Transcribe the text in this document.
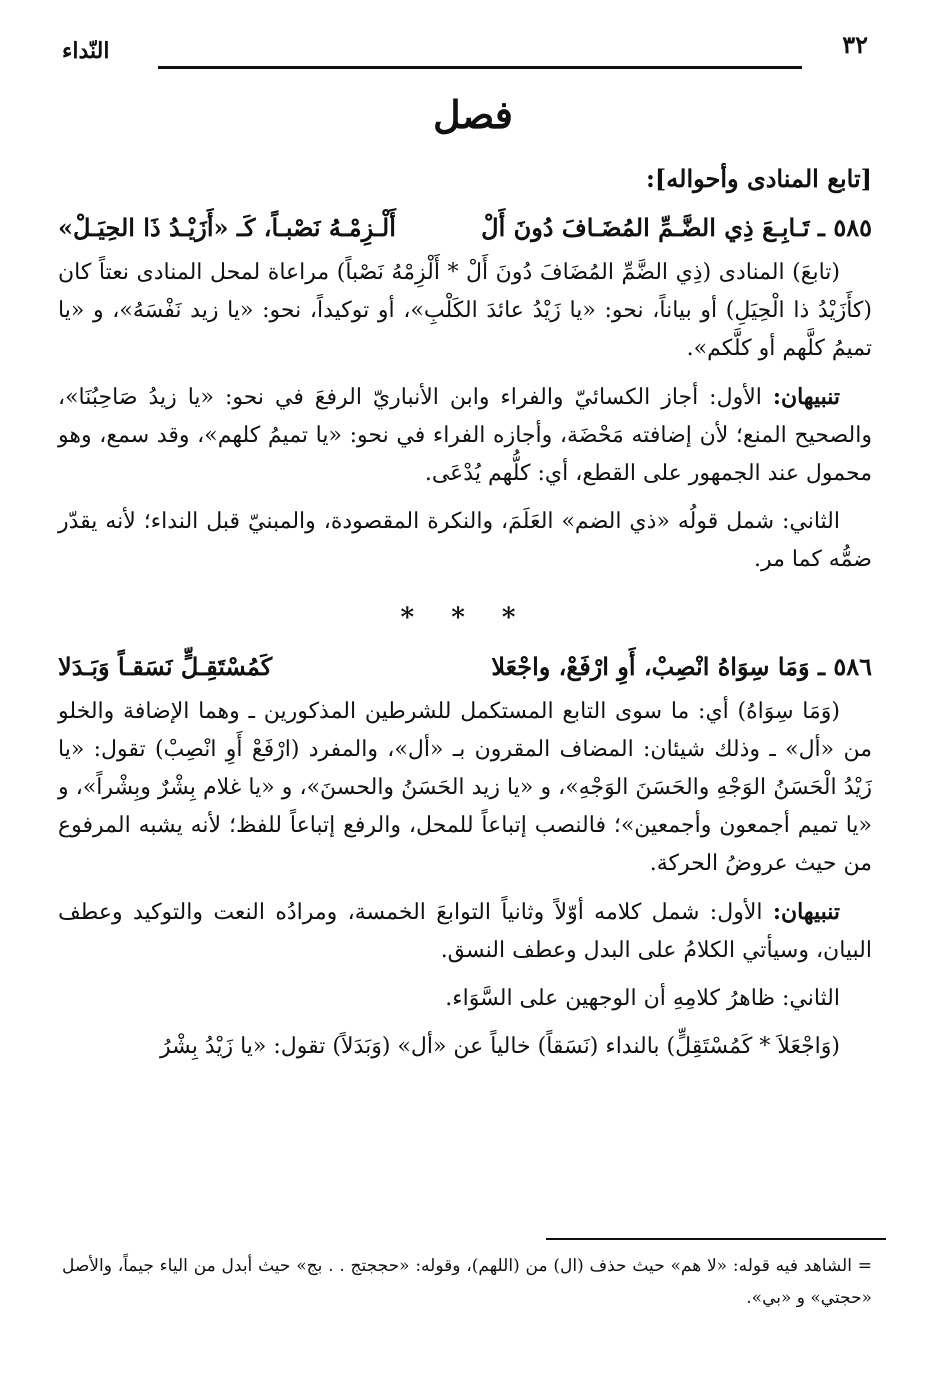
٣٢
النّداء
فصل
[تابع المنادى وأحواله]:
٥٨٥ ـ تَـابِـعَ ذِي الضَّـمِّ المُضَـافَ دُونَ أَلْ
أَلْـزِمْـهُ نَصْبـاً، كَـ «أَزَيْـدُ ذَا الحِيَـلْ»

(تابعَ) المنادى (ذِي الضَّمِّ المُضَافَ دُونَ أَلْ * أَلْزِمْهُ نَصْباً) مراعاة لمحل المنادى نعتاً كان (كأَزَيْدُ ذا الْحِيَلِ) أو بياناً، نحو: «يا زَيْدُ عائدَ الكَلْبِ»، أو توكيداً، نحو: «يا زيد نَفْسَهُ»، و «يا تميمُ كلَّهم أو كلَّكم».

تنبيهان: الأول: أجاز الكسائيّ والفراء وابن الأنباريّ الرفعَ في نحو: «يا زيدُ صَاحِبُنَا»، والصحيح المنع؛ لأن إضافته مَحْضَة، وأجازه الفراء في نحو: «يا تميمُ كلهم»، وقد سمع، وهو محمول عند الجمهور على القطع، أي: كلُّهم يُدْعَى.

الثاني: شمل قولُه «ذي الضم» العَلَمَ، والنكرة المقصودة، والمبنيّ قبل النداء؛ لأنه يقدّر ضمُّه كما مر.

* * *
٥٨٦ ـ وَمَا سِوَاهُ انْصِبْ، أَوِ ارْفَعْ، واجْعَلا
كَمُسْتَقِـلٍّ نَسَقـاً وَبَـدَلا

(وَمَا سِوَاهُ) أي: ما سوى التابع المستكمل للشرطين المذكورين ـ وهما الإضافة والخلو من «أل» ـ وذلك شيئان: المضاف المقرون بـ «أل»، والمفرد (ارْفَعْ أَوِ انْصِبْ) تقول: «يا زَيْدُ الْحَسَنُ الوَجْهِ والحَسَنَ الوَجْهِ»، و «يا زيد الحَسَنُ والحسنَ»، و «يا غلام بِشْرٌ وبِشْراً»، و «يا تميم أجمعون وأجمعين»؛ فالنصب إتباعاً للمحل، والرفع إتباعاً للفظ؛ لأنه يشبه المرفوع من حيث عروضُ الحركة.

تنبيهان: الأول: شمل كلامه أوّلاً وثانياً التوابعَ الخمسة، ومرادُه النعت والتوكيد وعطف البيان، وسيأتي الكلامُ على البدل وعطف النسق.

الثاني: ظاهرُ كلامِهِ أن الوجهين على السَّوَاء.

(وَاجْعَلاَ * كَمُسْتَقِلٍّ) بالنداء (نَسَقاً) خالياً عن «أل» (وَبَدَلاً) تقول: «يا زَيْدُ بِشْرُ

= الشاهد فيه قوله: «لا هم» حيث حذف (ال) من (اللهم)، وقوله: «حججتج . . بج» حيث أبدل من الياء جيماً، والأصل «حجتي» و «بي».
